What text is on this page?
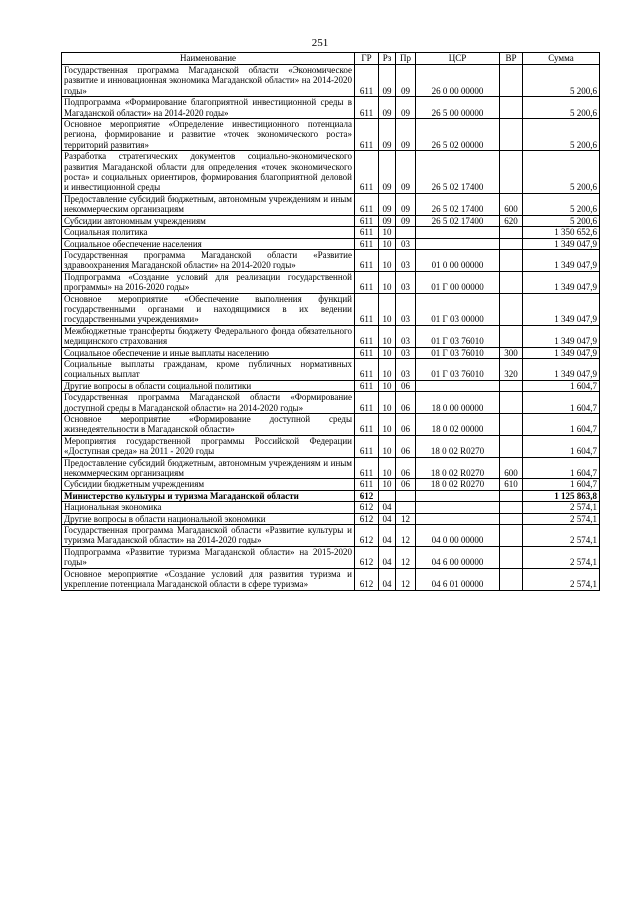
251
Наименование	ГР	Рз	Пр	ЦСР	ВР	Сумма
Государственная программа Магаданской области «Экономическое развитие и инновационная экономика Магаданской области» на 2014-2020 годы»	611	09	09	26 0 00 00000		5 200,6
Подпрограмма «Формирование благоприятной инвестиционной среды в Магаданской области» на 2014-2020 годы»	611	09	09	26 5 00 00000		5 200,6
Основное мероприятие «Определение инвестиционного потенциала региона, формирование и развитие «точек экономического роста» территорий развития»	611	09	09	26 5 02 00000		5 200,6
Разработка стратегических документов социально-экономического развития Магаданской области для определения «точек экономического роста» и социальных ориентиров, формирования благоприятной деловой и инвестиционной среды	611	09	09	26 5 02 17400		5 200,6
Предоставление субсидий бюджетным, автономным учреждениям и иным некоммерческим организациям	611	09	09	26 5 02 17400	600	5 200,6
Субсидии автономным учреждениям	611	09	09	26 5 02 17400	620	5 200,6
Социальная политика	611	10				1 350 652,6
Социальное обеспечение населения	611	10	03			1 349 047,9
Государственная программа Магаданской области «Развитие здравоохранения Магаданской области» на 2014-2020 годы»	611	10	03	01 0 00 00000		1 349 047,9
Подпрограмма «Создание условий для реализации государственной программы» на 2016-2020 годы»	611	10	03	01 Г 00 00000		1 349 047,9
Основное мероприятие «Обеспечение выполнения функций государственными органами и находящимися в их ведении государственными учреждениями»	611	10	03	01 Г 03 00000		1 349 047,9
Межбюджетные трансферты бюджету Федерального фонда обязательного медицинского страхования	611	10	03	01 Г 03 76010		1 349 047,9
Социальное обеспечение и иные выплаты населению	611	10	03	01 Г 03 76010	300	1 349 047,9
Социальные выплаты гражданам, кроме публичных нормативных социальных выплат	611	10	03	01 Г 03 76010	320	1 349 047,9
Другие вопросы в области социальной политики	611	10	06			1 604,7
Государственная программа Магаданской области «Формирование доступной среды в Магаданской области» на 2014-2020 годы»	611	10	06	18 0 00 00000		1 604,7
Основное мероприятие «Формирование доступной среды жизнедеятельности в Магаданской области»	611	10	06	18 0 02 00000		1 604,7
Мероприятия государственной программы Российской Федерации «Доступная среда» на 2011 - 2020 годы	611	10	06	18 0 02 R0270		1 604,7
Предоставление субсидий бюджетным, автономным учреждениям и иным некоммерческим организациям	611	10	06	18 0 02 R0270	600	1 604,7
Субсидии бюджетным учреждениям	611	10	06	18 0 02 R0270	610	1 604,7
Министерство культуры и туризма Магаданской области	612					1 125 863,8
Национальная экономика	612	04				2 574,1
Другие вопросы в области национальной экономики	612	04	12			2 574,1
Государственная программа Магаданской области «Развитие культуры и туризма Магаданской области» на 2014-2020 годы»	612	04	12	04 0 00 00000		2 574,1
Подпрограмма «Развитие туризма Магаданской области» на 2015-2020 годы»	612	04	12	04 6 00 00000		2 574,1
Основное мероприятие «Создание условий для развития туризма и укрепление потенциала Магаданской области в сфере туризма»	612	04	12	04 6 01 00000		2 574,1
